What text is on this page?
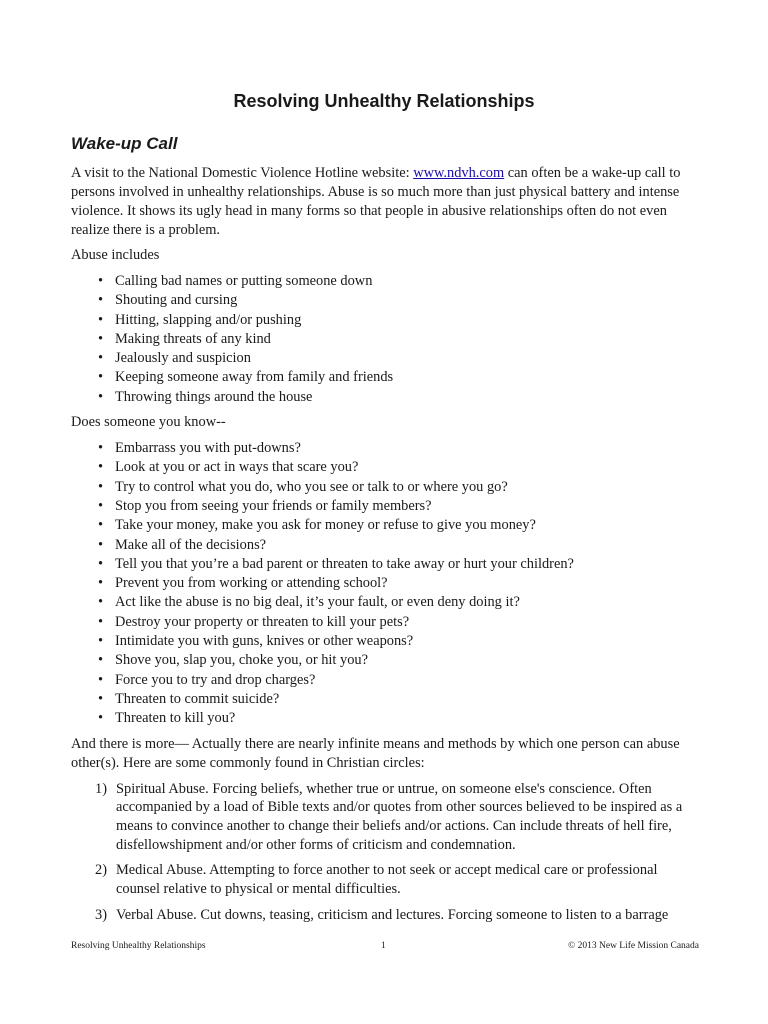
Resolving Unhealthy Relationships
Wake-up Call

A visit to the National Domestic Violence Hotline website: www.ndvh.com can often be a wake-up call to persons involved in unhealthy relationships. Abuse is so much more than just physical battery and intense violence. It shows its ugly head in many forms so that people in abusive relationships often do not even realize there is a problem.

Abuse includes

• Calling bad names or putting someone down
• Shouting and cursing
• Hitting, slapping and/or pushing
• Making threats of any kind
• Jealously and suspicion
• Keeping someone away from family and friends
• Throwing things around the house

Does someone you know--

• Embarrass you with put-downs?
• Look at you or act in ways that scare you?
• Try to control what you do, who you see or talk to or where you go?
• Stop you from seeing your friends or family members?
• Take your money, make you ask for money or refuse to give you money?
• Make all of the decisions?
• Tell you that you’re a bad parent or threaten to take away or hurt your children?
• Prevent you from working or attending school?
• Act like the abuse is no big deal, it’s your fault, or even deny doing it?
• Destroy your property or threaten to kill your pets?
• Intimidate you with guns, knives or other weapons?
• Shove you, slap you, choke you, or hit you?
• Force you to try and drop charges?
• Threaten to commit suicide?
• Threaten to kill you?

And there is more— Actually there are nearly infinite means and methods by which one person can abuse other(s). Here are some commonly found in Christian circles:

1) Spiritual Abuse. Forcing beliefs, whether true or untrue, on someone else's conscience. Often accompanied by a load of Bible texts and/or quotes from other sources believed to be inspired as a means to convince another to change their beliefs and/or actions. Can include threats of hell fire, disfellowshipment and/or other forms of criticism and condemnation.
2) Medical Abuse. Attempting to force another to not seek or accept medical care or professional counsel relative to physical or mental difficulties.
3) Verbal Abuse. Cut downs, teasing, criticism and lectures. Forcing someone to listen to a barrage
Resolving Unhealthy Relationships	1	© 2013 New Life Mission Canada
